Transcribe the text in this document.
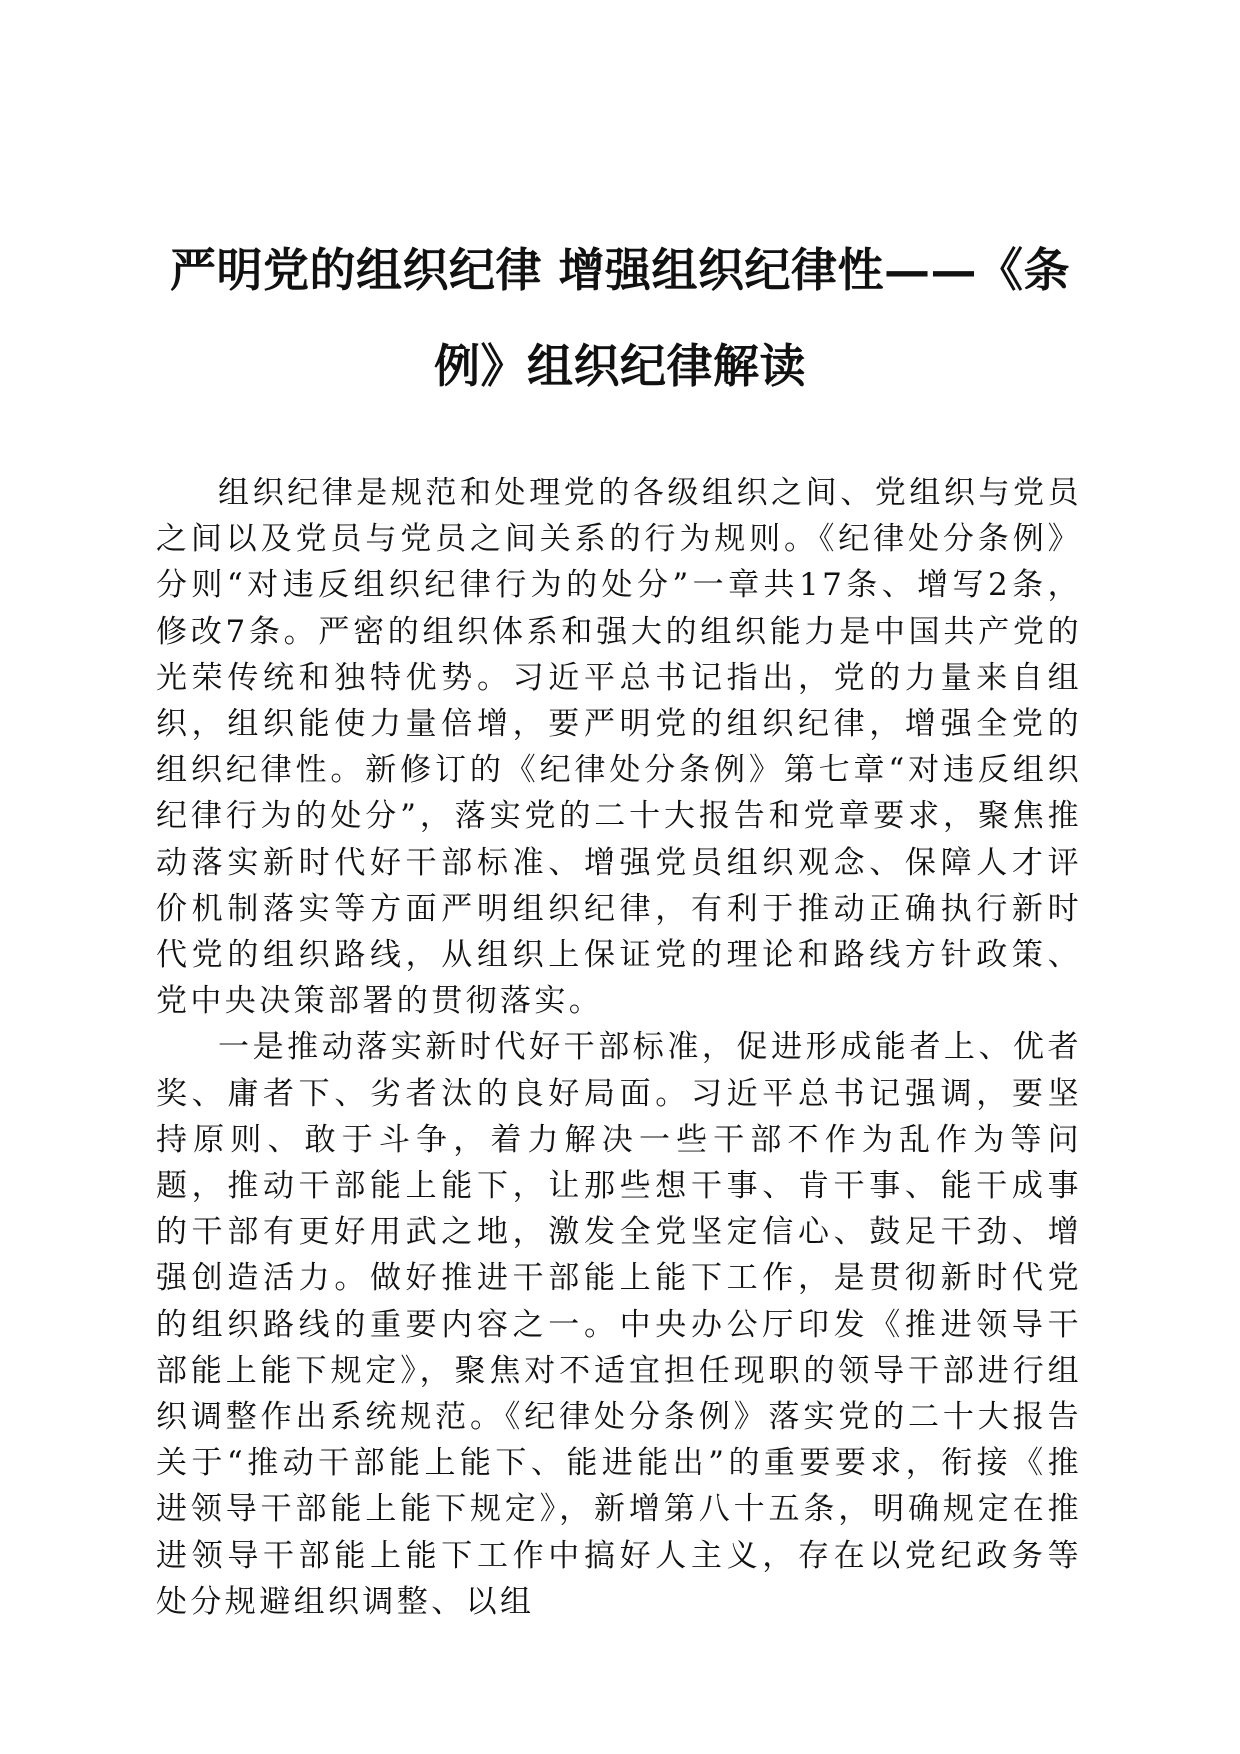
严明党的组织纪律 增强组织纪律性——《条
例》组织纪律解读

组织纪律是规范和处理党的各级组织之间、党组织与党员之间以及党员与党员之间关系的行为规则。《纪律处分条例》分则“对违反组织纪律行为的处分”一章共17条、增写2条，修改7条。严密的组织体系和强大的组织能力是中国共产党的光荣传统和独特优势。习近平总书记指出，党的力量来自组织，组织能使力量倍增，要严明党的组织纪律，增强全党的组织纪律性。新修订的《纪律处分条例》第七章“对违反组织纪律行为的处分”，落实党的二十大报告和党章要求，聚焦推动落实新时代好干部标准、增强党员组织观念、保障人才评价机制落实等方面严明组织纪律，有利于推动正确执行新时代党的组织路线，从组织上保证党的理论和路线方针政策、党中央决策部署的贯彻落实。

一是推动落实新时代好干部标准，促进形成能者上、优者奖、庸者下、劣者汰的良好局面。习近平总书记强调，要坚持原则、敢于斗争，着力解决一些干部不作为乱作为等问题，推动干部能上能下，让那些想干事、肯干事、能干成事的干部有更好用武之地，激发全党坚定信心、鼓足干劲、增强创造活力。做好推进干部能上能下工作，是贯彻新时代党的组织路线的重要内容之一。中央办公厅印发《推进领导干部能上能下规定》，聚焦对不适宜担任现职的领导干部进行组织调整作出系统规范。《纪律处分条例》落实党的二十大报告关于“推动干部能上能下、能进能出”的重要要求，衔接《推进领导干部能上能下规定》，新增第八十五条，明确规定在推进领导干部能上能下工作中搞好人主义，存在以党纪政务等处分规避组织调整、以组
